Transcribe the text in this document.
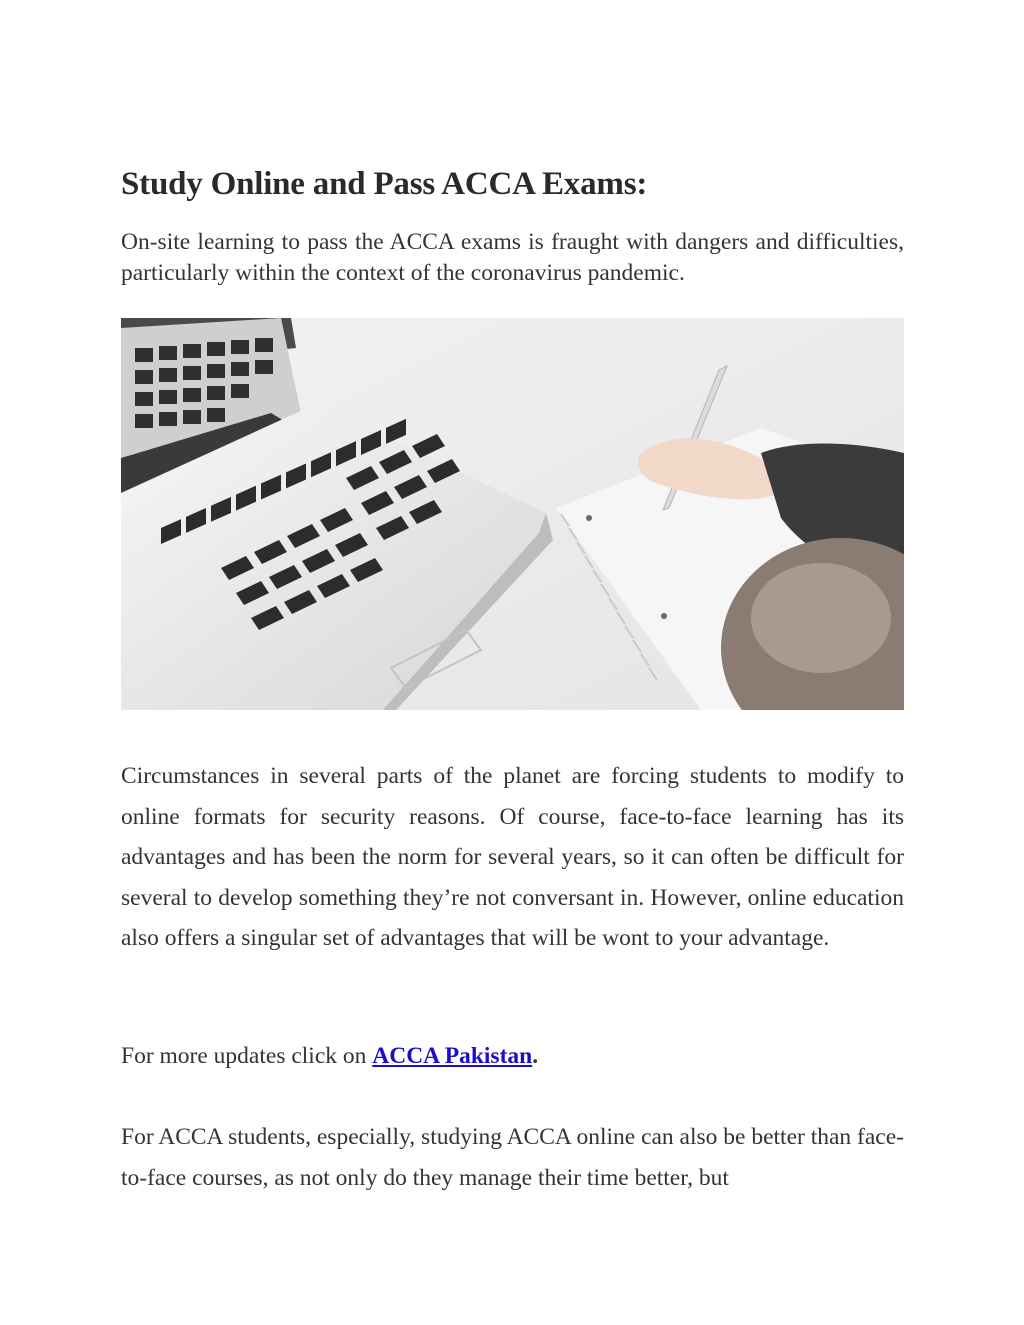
Study Online and Pass ACCA Exams:

On-site learning to pass the ACCA exams is fraught with dangers and difficulties, particularly within the context of the coronavirus pandemic.

Circumstances in several parts of the planet are forcing students to modify to online formats for security reasons. Of course, face-to-face learning has its advantages and has been the norm for several years, so it can often be difficult for several to develop something they’re not conversant in. However, online education also offers a singular set of advantages that will be wont to your advantage.

For more updates click on ACCA Pakistan.

For ACCA students, especially, studying ACCA online can also be better than face-to-face courses, as not only do they manage their time better, but
